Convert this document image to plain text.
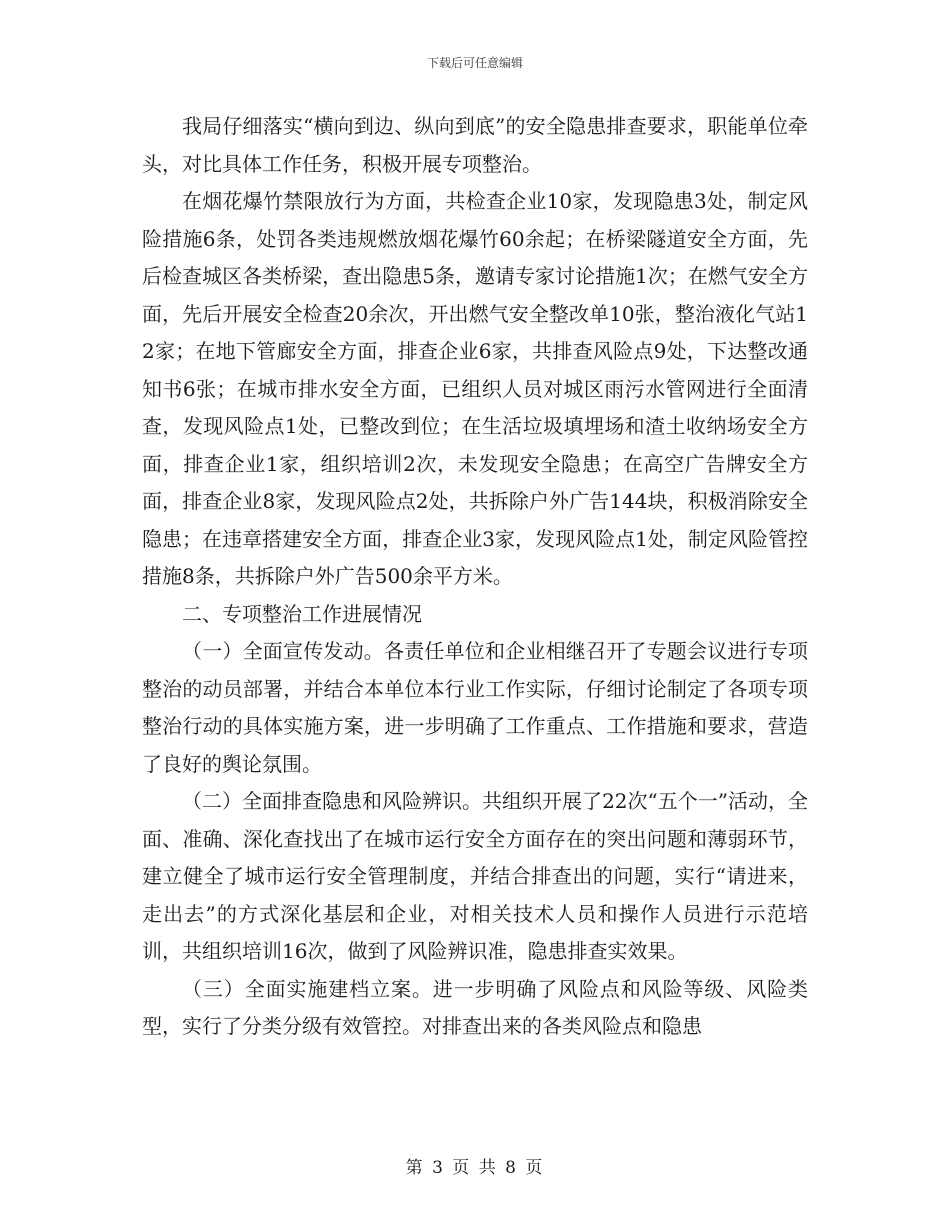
下载后可任意编辑

我局仔细落实“横向到边、纵向到底”的安全隐患排查要求，职能单位牵头，对比具体工作任务，积极开展专项整治。

在烟花爆竹禁限放行为方面，共检查企业10家，发现隐患3处，制定风险措施6条，处罚各类违规燃放烟花爆竹60余起；在桥梁隧道安全方面，先后检查城区各类桥梁，查出隐患5条，邀请专家讨论措施1次；在燃气安全方面，先后开展安全检查20余次，开出燃气安全整改单10张，整治液化气站12家；在地下管廊安全方面，排查企业6家，共排查风险点9处，下达整改通知书6张；在城市排水安全方面，已组织人员对城区雨污水管网进行全面清查，发现风险点1处，已整改到位；在生活垃圾填埋场和渣土收纳场安全方面，排查企业1家，组织培训2次，未发现安全隐患；在高空广告牌安全方面，排查企业8家，发现风险点2处，共拆除户外广告144块，积极消除安全隐患；在违章搭建安全方面，排查企业3家，发现风险点1处，制定风险管控措施8条，共拆除户外广告500余平方米。

二、专项整治工作进展情况

（一）全面宣传发动。各责任单位和企业相继召开了专题会议进行专项整治的动员部署，并结合本单位本行业工作实际，仔细讨论制定了各项专项整治行动的具体实施方案，进一步明确了工作重点、工作措施和要求，营造了良好的舆论氛围。

（二）全面排查隐患和风险辨识。共组织开展了22次“五个一”活动，全面、准确、深化查找出了在城市运行安全方面存在的突出问题和薄弱环节，建立健全了城市运行安全管理制度，并结合排查出的问题，实行“请进来，走出去”的方式深化基层和企业，对相关技术人员和操作人员进行示范培训，共组织培训16次，做到了风险辨识准，隐患排查实效果。

（三）全面实施建档立案。进一步明确了风险点和风险等级、风险类型，实行了分类分级有效管控。对排查出来的各类风险点和隐患

第 3 页 共 8 页
